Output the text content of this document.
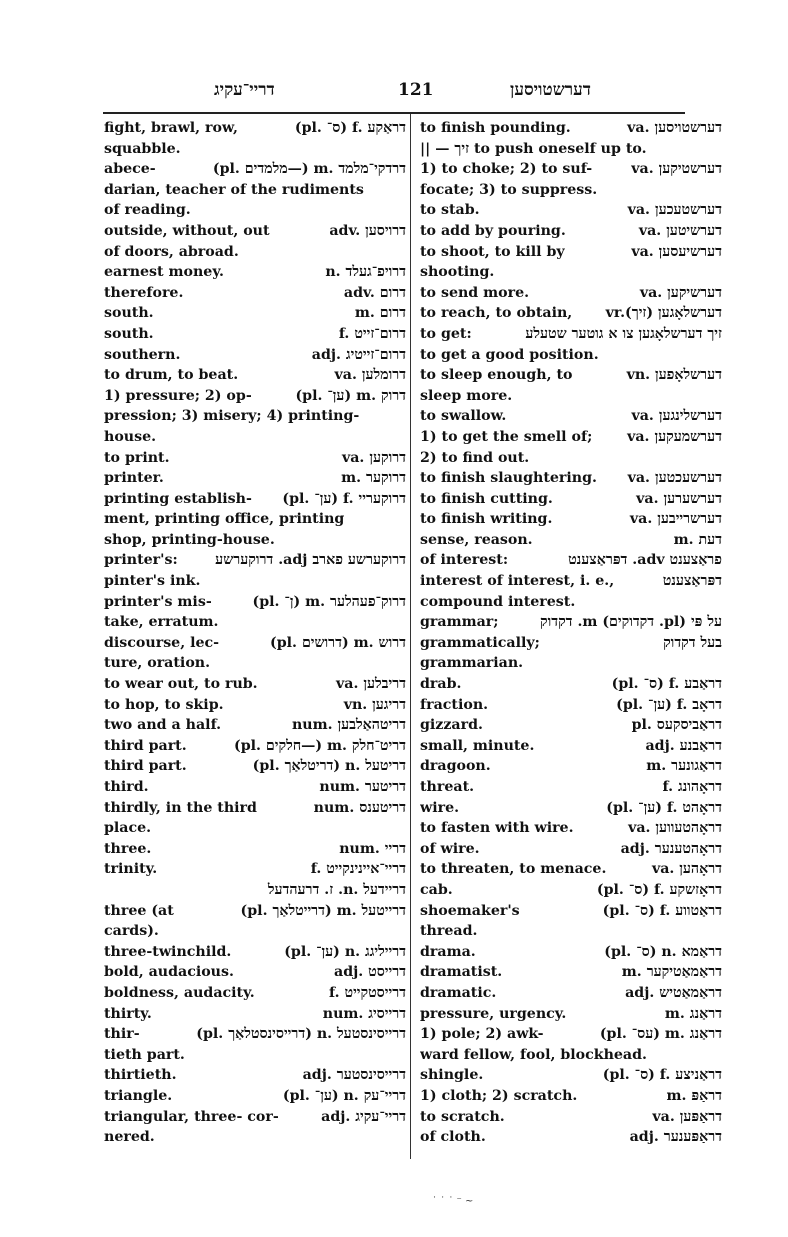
דריי־עקיג	121	דערשטויסען
fight, brawl, row,	(pl. ס־) f. דראַקע
squabble.
abece-	(pl. מלמדים—) m. דרדקי־מלמד
darian, teacher of the rudiments
of reading.
outside, without, out	adv. דרויסען
of doors, abroad.
earnest money.	n. דרויפ־געלד
therefore.	adv. דרום
south.	m. דרום
south.	f. דרום־זייט
southern.	adj. דרום־זייטיג
to drum, to beat.	va. דרומלען
1) pressure; 2) op-	(pl. ען־) m. דרוק
pression; 3) misery; 4) printing-
house.
to print.	va. דרוקען
printer.	m. דרוקער
printing establish- (pl. ען־) f. דרוקעריי
ment, printing office, printing
shop, printing-house.
printer's:	דרוקערשע פארב adj. דרוקערשע
pinter's ink.
printer's mis-	(pl. ן־) m. דרוק־פעהלער
take, erratum.
discourse, lec-	(pl. דרושים) m. דרוש
ture, oration.
to wear out, to rub.	va. דריבלען
to hop, to skip.	vn. דריגען
two and a half.	num. דריטהאַלבען
third part.	(pl. חלקים—) m. דריט־חלק
third part.	(pl. דריטלאַך) n. דריטעל
third.	num. דריטער
thirdly, in the third	num. דריטענס
place.
three.	num. דריי
trinity.	f. דריי־איינינקייט
דריידעל .n. ז. דרעהדעל
three (at	(pl. דרייטלאַך) m. דרייטעל
cards).
three-twinchild.	(pl. ען־) n. דרייליגג
bold, audacious.	adj. דרייסט
boldness, audacity.	f. דרייסטקייט
thirty.	num. דרייסיג
thir-	(pl. דרייסינסטלאַך) n. דרייסינסטעל
tieth part.
thirtieth.	adj. דרייסינסטער
triangle.	(pl. ען־) n. דריי־עק
triangular, three- cor-	adj. דריי־עקיג
nered.
to finish pounding.	va. דערשטויסען
|| — זיך to push oneself up to.
1) to choke; 2) to suf-	va. דערשטיקען
focate; 3) to suppress.
to stab.	va. דערשטעכען
to add by pouring.	va. דערשיטען
to shoot, to kill by	va. דערשיעסען
shooting.
to send more.	va. דערשיקען
to reach, to obtain, vr.(זיך) דערשלאָגען
to get:	זיך דערשלאָגען צו א גוטער שטעלע
to get a good position.
to sleep enough, to	vn. דערשלאָפען
sleep more.
to swallow.	va. דערשלינגען
1) to get the smell of; va. דערשמעקען
2) to find out.
to finish slaughtering. va. דערשעכטען
to finish cutting.	va. דערשערען
to finish writing.	va. דערשרייבען
sense, reason.	m. דעת
of interest:	פראַצענט adv. דפּראַצענט
interest of interest, i. e.,	דפּראַצענט
compound interest.
grammar;	על פּי (pl. דקדוקים) m. דקדוק
grammatically;	בעל דקדוק
grammarian.
drab.	(pl. ס־) f. דראַבע
fraction.	(pl. ען־) f. דראָב
gizzard.	pl. דראַביסקעס
small, minute.	adj. דראַבנע
dragoon.	m. דראַגונער
threat.	f. דראָהונג
wire.	(pl. ען־) f. דראָהט
to fasten with wire.	va. דראָהטעווען
of wire.	adj. דראָהטענער
to threaten, to menace.	va. דראָהען
cab.	(pl. ס־) f. דראָזשקע
shoemaker's	(pl. ס־) f. דראַטווע
thread.
drama.	(pl. ס־) n. דראַמא
dramatist.	m. דראַמאַטיקער
dramatic.	adj. דראַמאַטיש
pressure, urgency.	m. דראַנג
1) pole; 2) awk-	(pl. עס־) m. דראַנג
ward fellow, fool, blockhead.
shingle.	(pl. ס־) f. דראַניצע
1) cloth; 2) scratch.	m. דראַפּ
to scratch.	va. דראַפּען
of cloth.	adj. דראַפּענער
˙ ˙ ˙ ⁻ ~
